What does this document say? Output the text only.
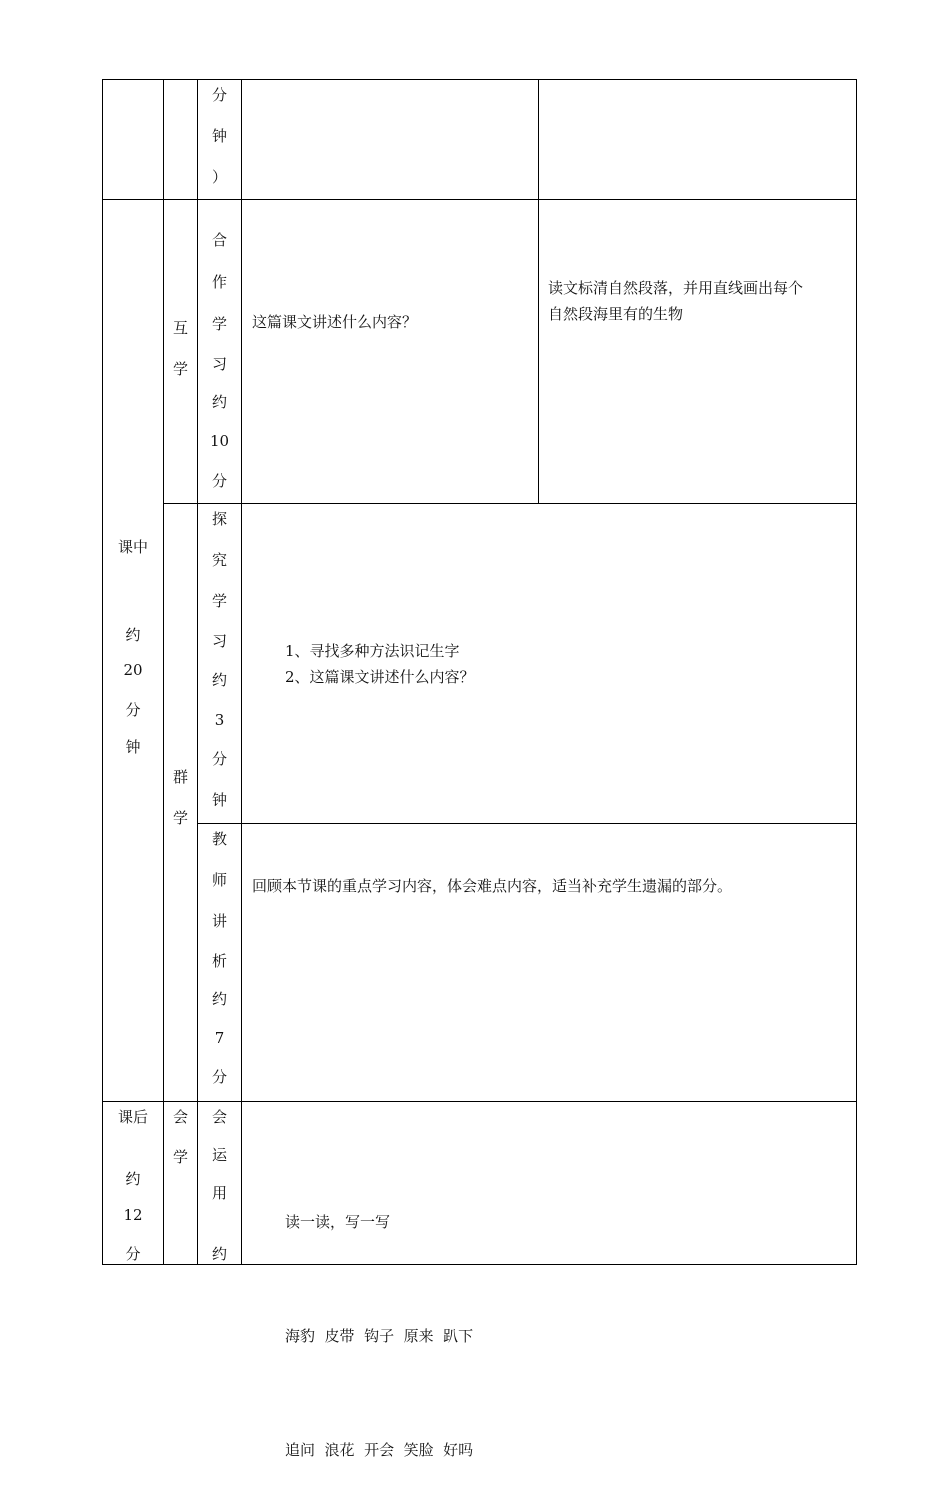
分
钟
）
课中
约
20
分
钟
互
学
合
作
学
习
约
10
分
这篇课文讲述什么内容？
读文标清自然段落，并用直线画出每个
自然段海里有的生物
群
学
探
究
学
习
约
3
分
钟
1、寻找多种方法识记生字
2、这篇课文讲述什么内容？
教
师
讲
析
约
7
分
回顾本节课的重点学习内容，体会难点内容，适当补充学生遗漏的部分。
课后
约
12
分
会
学
会
运
用
约

读一读，写一写

海豹  皮带  钩子  原来  趴下

追问  浪花  开会  笑脸  好吗
